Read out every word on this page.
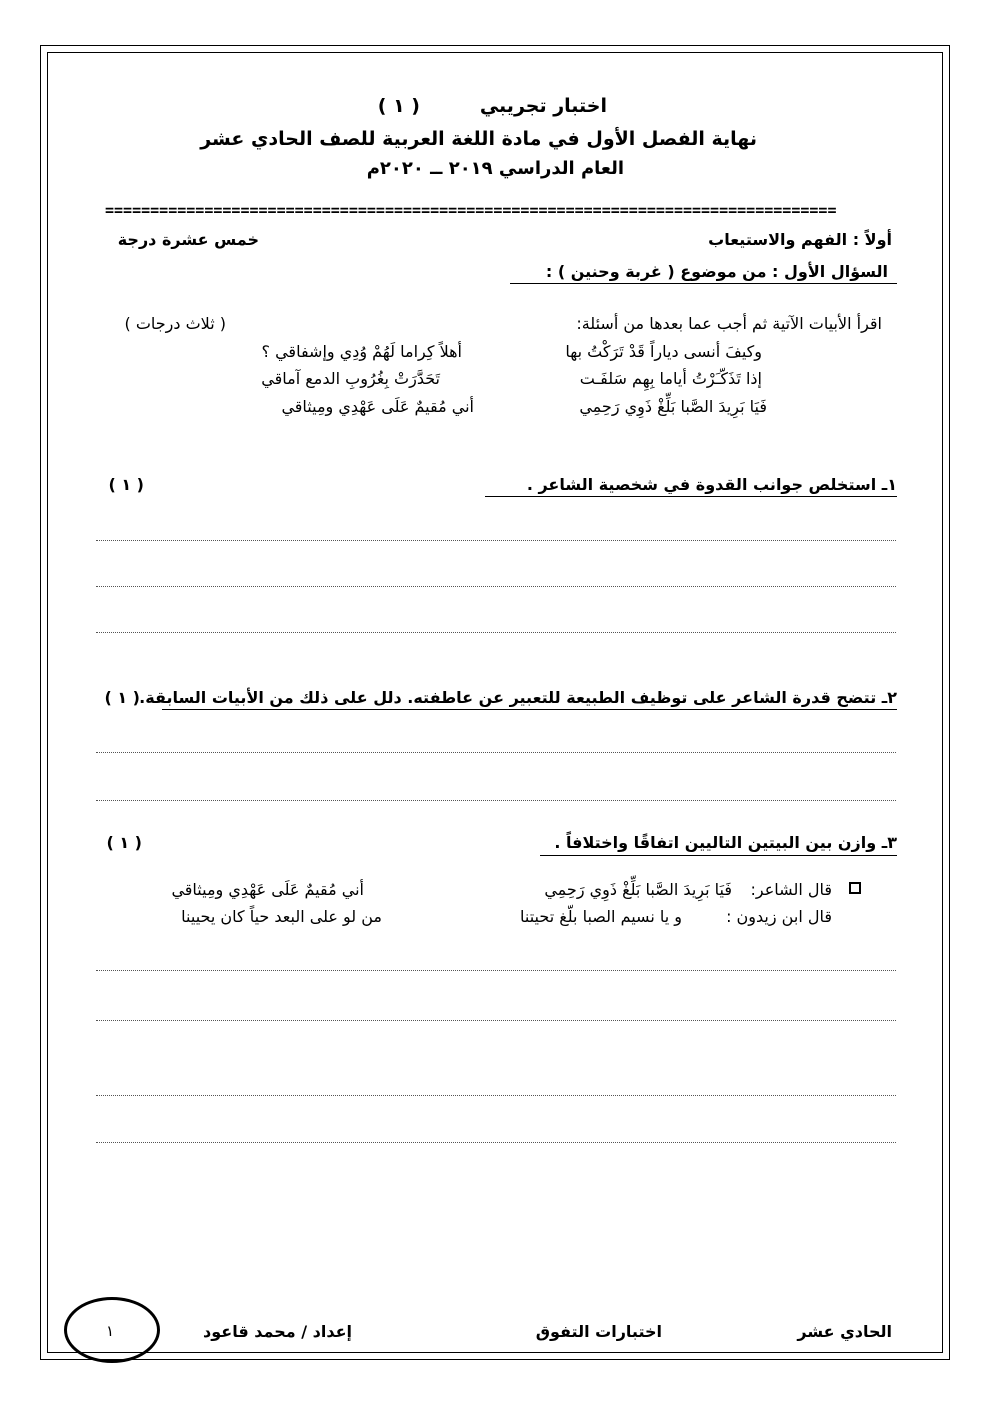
اختبار تجريبي
( ١ )
نهاية الفصل الأول في مادة اللغة العربية للصف الحادي عشر
العام الدراسي ٢٠١٩ ــ ٢٠٢٠م
=================================================================================
أولاً : الفهم والاستيعاب
خمس عشرة درجة
السؤال الأول : من موضوع ( غربة وحنين ) :
اقرأ الأبيات الآتية ثم أجب عما بعدها من أسئلة:
( ثلاث درجات )
وكيفَ أنسى دياراً قَدْ تَرَكْتُ بها
أهلاً كِراما لَهُمْ وُدِي وإشفاقي ؟
إذا تَذَكّـَرْتُ أياما بِهِم سَلفَـت
تَحَدَّرَتْ بِغُرُوبِ الدمع آماقي
فَيَا بَرِيدَ الصَّبا بَلِّغْ ذَوِي رَحِمِي
أني مُقيمٌ عَلَى عَهْدِي ومِيثاقي
١ـ استخلص جوانب القدوة في شخصية الشاعر .
( ١ )
٢ـ تتضح قدرة الشاعر على توظيف الطبيعة للتعبير عن عاطفته. دلل على ذلك من الأبيات السابقة.
( ١ )
٣ـ وازن بين البيتين التاليين اتفاقًا واختلافاً .
( ١ )
قال الشاعر:
فَيَا بَرِيدَ الصَّبا بَلِّغْ ذَوِي رَحِمِي
أني مُقيمٌ عَلَى عَهْدِي ومِيثاقي
قال ابن زيدون :
و يا نسيم الصبا بلّغ تحيتنا
من لو على البعد حياً كان يحيينا
الحادي عشر
اختبارات التفوق
إعداد / محمد قاعود
١
